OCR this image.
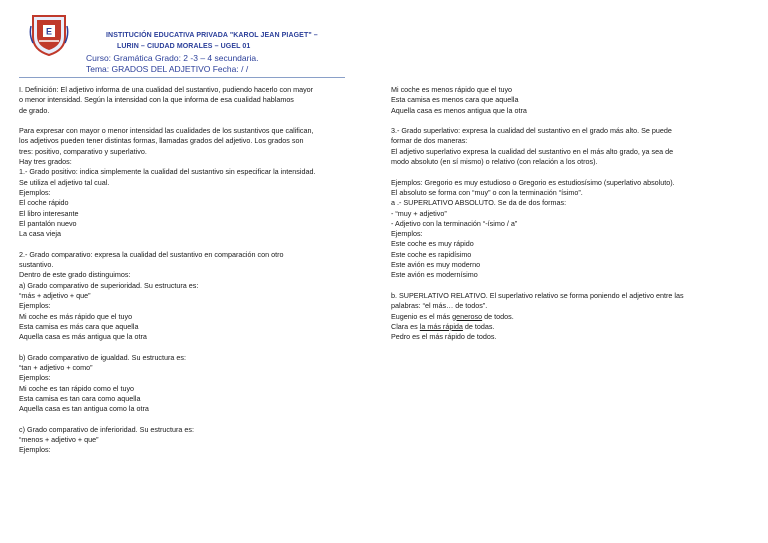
E	INSTITUCIÓN EDUCATIVA PRIVADA "KAROL JEAN PIAGET" –
LURIN – CIUDAD MORALES – UGEL 01
Curso: Gramática Grado: 2 -3 – 4 secundaria.
Tema: GRADOS DEL ADJETIVO Fecha: / /
I. Definición: El adjetivo informa de una cualidad del sustantivo, pudiendo hacerlo con mayor
o menor intensidad. Según la intensidad con la que informa de esa cualidad hablamos
de grado.
Para expresar con mayor o menor intensidad las cualidades de los sustantivos que califican,
los adjetivos pueden tener distintas formas, llamadas grados del adjetivo. Los grados son
tres: positivo, comparativo y superlativo.
Hay tres grados:
1.- Grado positivo: indica simplemente la cualidad del sustantivo sin especificar la intensidad.
Se utiliza el adjetivo tal cual.
Ejemplos:
El coche rápido
El libro interesante
El pantalón nuevo
La casa vieja
2.- Grado comparativo: expresa la cualidad del sustantivo en comparación con otro
sustantivo.
Dentro de este grado distinguimos:
a) Grado comparativo de superioridad. Su estructura es:
“más + adjetivo + que”
Ejemplos:
Mi coche es más rápido que el tuyo
Esta camisa es más cara que aquella
Aquella casa es más antigua que la otra
b) Grado comparativo de igualdad. Su estructura es:
“tan + adjetivo + como”
Ejemplos:
Mi coche es tan rápido como el tuyo
Esta camisa es tan cara como aquella
Aquella casa es tan antigua como la otra
c) Grado comparativo de inferioridad. Su estructura es:
“menos + adjetivo + que”
Ejemplos:
Mi coche es menos rápido que el tuyo
Esta camisa es menos cara que aquella
Aquella casa es menos antigua que la otra
3.- Grado superlativo: expresa la cualidad del sustantivo en el grado más alto. Se puede
formar de dos maneras:
El adjetivo superlativo expresa la cualidad del sustantivo en el más alto grado, ya sea de
modo absoluto (en sí mismo) o relativo (con relación a los otros).
Ejemplos: Gregorio es muy estudioso o Gregorio es estudiosísimo (superlativo absoluto).
El absoluto se forma con “muy” o con la terminación “ísimo”.
a .- SUPERLATIVO ABSOLUTO. Se da de dos formas:
- “muy + adjetivo”
- Adjetivo con la terminación “-ísimo / a”
Ejemplos:
Este coche es muy rápido
Este coche es rapidísimo
Este avión es muy moderno
Este avión es modernísimo
b. SUPERLATIVO RELATIVO. El superlativo relativo se forma poniendo el adjetivo entre las
palabras: “el más… de todos”.
Eugenio es el más generoso de todos.
Clara es la más rápida de todas.
Pedro es el más rápido de todos.
